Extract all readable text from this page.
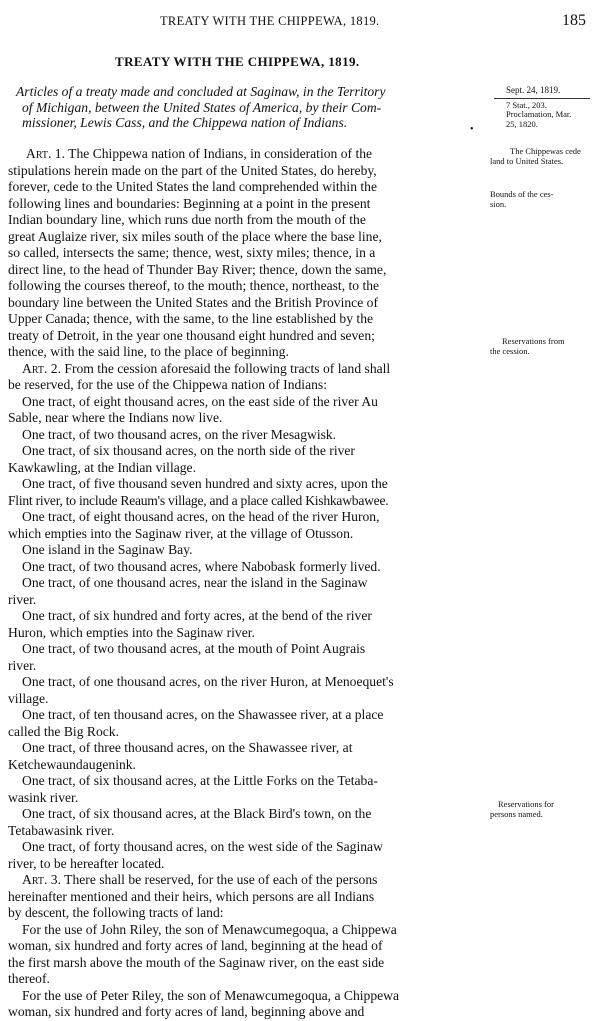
TREATY WITH THE CHIPPEWA, 1819.	185
TREATY WITH THE CHIPPEWA, 1819.
Articles of a treaty made and concluded at Saginaw, in the Territory
of Michigan, between the United States of America, by their Com-
missioner, Lewis Cass, and the Chippewa nation of Indians.	•
Sept. 24, 1819.
7 Stat., 203.
Proclamation, Mar.
25, 1820.
The Chippewas cede
land to United States.
Bounds of the ces-
sion.
Reservations from
the cession.
Reservations for
persons named.
Art. 1. The Chippewa nation of Indians, in consideration of the
stipulations herein made on the part of the United States, do hereby,
forever, cede to the United States the land comprehended within the
following lines and boundaries: Beginning at a point in the present
Indian boundary line, which runs due north from the mouth of the
great Auglaize river, six miles south of the place where the base line,
so called, intersects the same; thence, west, sixty miles; thence, in a
direct line, to the head of Thunder Bay River; thence, down the same,
following the courses thereof, to the mouth; thence, northeast, to the
boundary line between the United States and the British Province of
Upper Canada; thence, with the same, to the line established by the
treaty of Detroit, in the year one thousand eight hundred and seven;
thence, with the said line, to the place of beginning.
Art. 2. From the cession aforesaid the following tracts of land shall
be reserved, for the use of the Chippewa nation of Indians:
One tract, of eight thousand acres, on the east side of the river Au
Sable, near where the Indians now live.
One tract, of two thousand acres, on the river Mesagwisk.
One tract, of six thousand acres, on the north side of the river
Kawkawling, at the Indian village.
One tract, of five thousand seven hundred and sixty acres, upon the
Flint river, to include Reaum's village, and a place called Kishkawbawee.
One tract, of eight thousand acres, on the head of the river Huron,
which empties into the Saginaw river, at the village of Otusson.
One island in the Saginaw Bay.
One tract, of two thousand acres, where Nabobask formerly lived.
One tract, of one thousand acres, near the island in the Saginaw
river.
One tract, of six hundred and forty acres, at the bend of the river
Huron, which empties into the Saginaw river.
One tract, of two thousand acres, at the mouth of Point Augrais
river.
One tract, of one thousand acres, on the river Huron, at Menoequet's
village.
One tract, of ten thousand acres, on the Shawassee river, at a place
called the Big Rock.
One tract, of three thousand acres, on the Shawassee river, at
Ketchewaundaugenink.
One tract, of six thousand acres, at the Little Forks on the Tetaba-
wasink river.
One tract, of six thousand acres, at the Black Bird's town, on the
Tetabawasink river.
One tract, of forty thousand acres, on the west side of the Saginaw
river, to be hereafter located.
Art. 3. There shall be reserved, for the use of each of the persons
hereinafter mentioned and their heirs, which persons are all Indians
by descent, the following tracts of land:
For the use of John Riley, the son of Menawcumegoqua, a Chippewa
woman, six hundred and forty acres of land, beginning at the head of
the first marsh above the mouth of the Saginaw river, on the east side
thereof.
For the use of Peter Riley, the son of Menawcumegoqua, a Chippewa
woman, six hundred and forty acres of land, beginning above and
